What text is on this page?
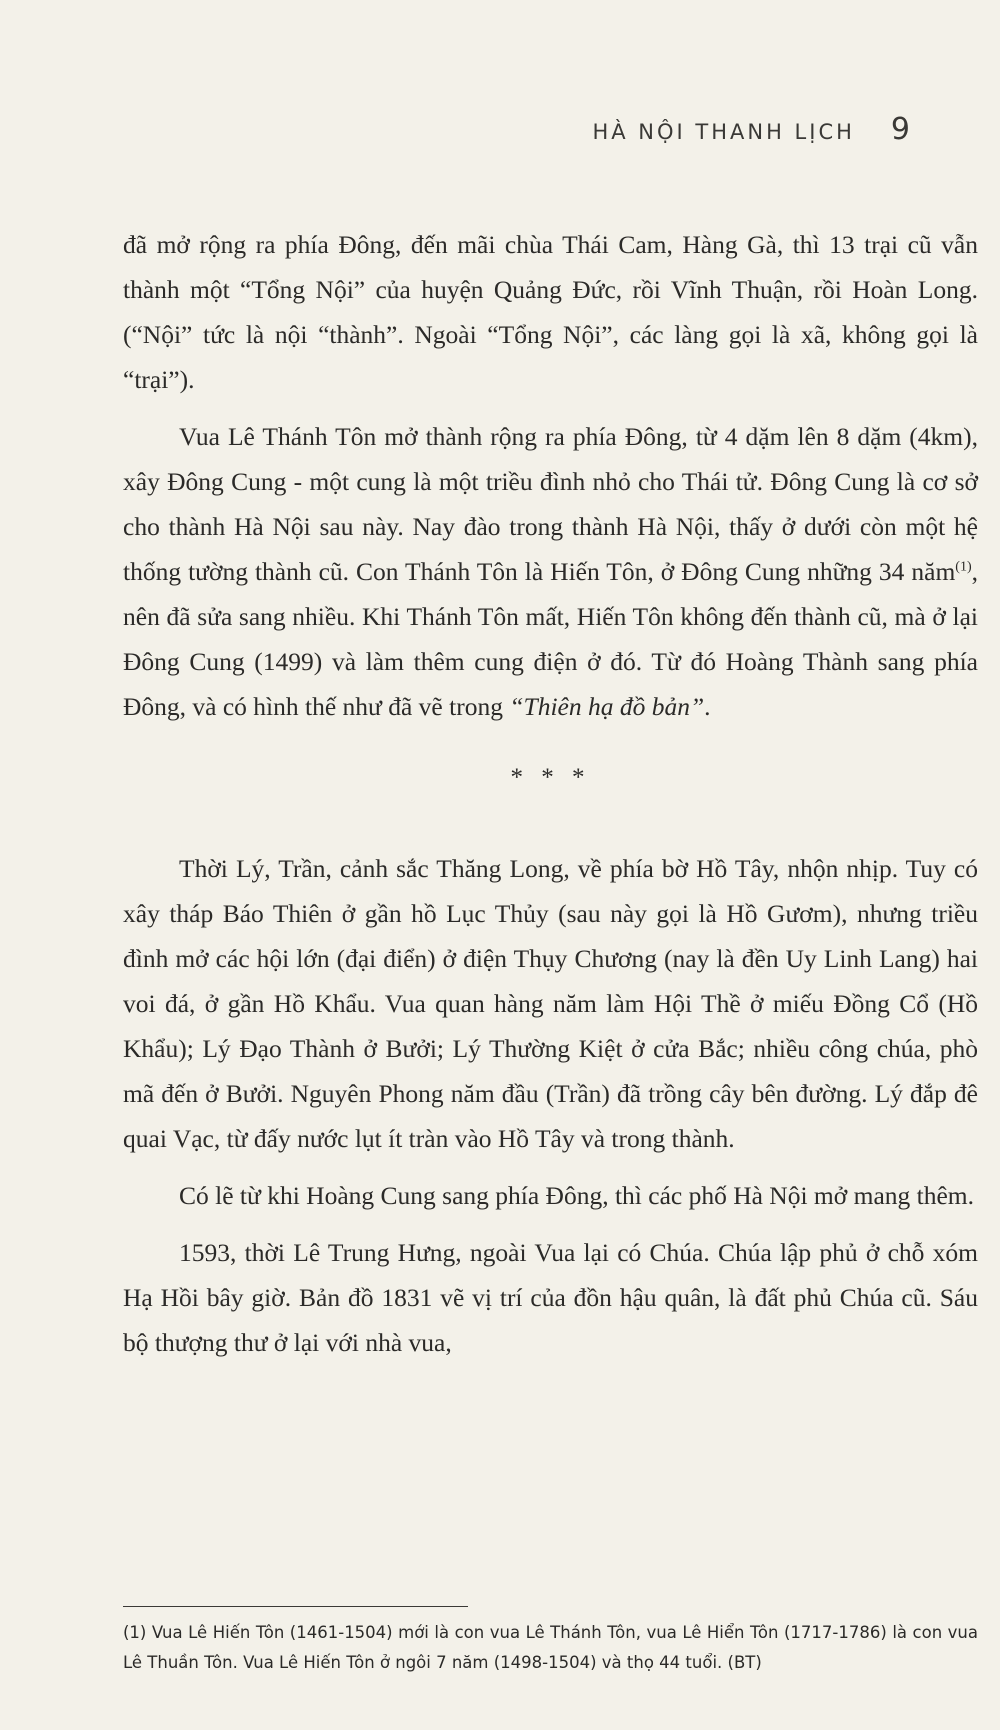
HÀ NỘI THANH LỊCH 9

đã mở rộng ra phía Đông, đến mãi chùa Thái Cam, Hàng Gà, thì 13 trại cũ vẫn thành một “Tổng Nội” của huyện Quảng Đức, rồi Vĩnh Thuận, rồi Hoàn Long. (“Nội” tức là nội “thành”. Ngoài “Tổng Nội”, các làng gọi là xã, không gọi là “trại”).

Vua Lê Thánh Tôn mở thành rộng ra phía Đông, từ 4 dặm lên 8 dặm (4km), xây Đông Cung - một cung là một triều đình nhỏ cho Thái tử. Đông Cung là cơ sở cho thành Hà Nội sau này. Nay đào trong thành Hà Nội, thấy ở dưới còn một hệ thống tường thành cũ. Con Thánh Tôn là Hiến Tôn, ở Đông Cung những 34 năm$^{(1)}$, nên đã sửa sang nhiều. Khi Thánh Tôn mất, Hiến Tôn không đến thành cũ, mà ở lại Đông Cung (1499) và làm thêm cung điện ở đó. Từ đó Hoàng Thành sang phía Đông, và có hình thế như đã vẽ trong “Thiên hạ đồ bản”.

* * *

Thời Lý, Trần, cảnh sắc Thăng Long, về phía bờ Hồ Tây, nhộn nhịp. Tuy có xây tháp Báo Thiên ở gần hồ Lục Thủy (sau này gọi là Hồ Gươm), nhưng triều đình mở các hội lớn (đại điển) ở điện Thụy Chương (nay là đền Uy Linh Lang) hai voi đá, ở gần Hồ Khẩu. Vua quan hàng năm làm Hội Thề ở miếu Đồng Cổ (Hồ Khẩu); Lý Đạo Thành ở Bưởi; Lý Thường Kiệt ở cửa Bắc; nhiều công chúa, phò mã đến ở Bưởi. Nguyên Phong năm đầu (Trần) đã trồng cây bên đường. Lý đắp đê quai Vạc, từ đấy nước lụt ít tràn vào Hồ Tây và trong thành.

Có lẽ từ khi Hoàng Cung sang phía Đông, thì các phố Hà Nội mở mang thêm.

1593, thời Lê Trung Hưng, ngoài Vua lại có Chúa. Chúa lập phủ ở chỗ xóm Hạ Hồi bây giờ. Bản đồ 1831 vẽ vị trí của đồn hậu quân, là đất phủ Chúa cũ. Sáu bộ thượng thư ở lại với nhà vua,

(1) Vua Lê Hiến Tôn (1461-1504) mới là con vua Lê Thánh Tôn, vua Lê Hiển Tôn (1717-1786) là con vua Lê Thuần Tôn. Vua Lê Hiến Tôn ở ngôi 7 năm (1498-1504) và thọ 44 tuổi. (BT)
